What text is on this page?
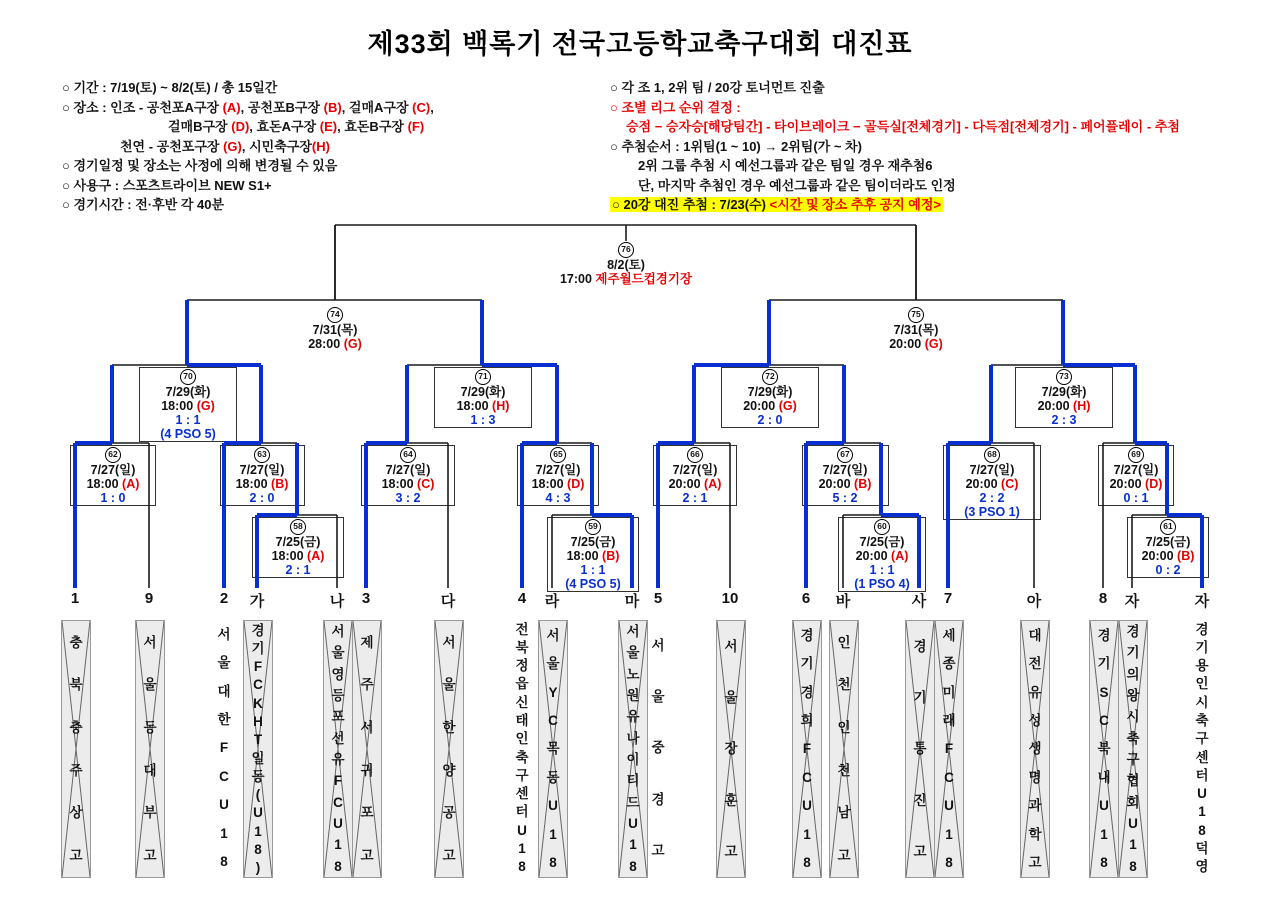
제33회 백록기 전국고등학교축구대회 대진표
○ 기간 : 7/19(토) ~ 8/2(토) / 총 15일간
○ 장소 : 인조 - 공천포A구장 (A), 공천포B구장 (B), 걸매A구장 (C),
걸매B구장 (D), 효돈A구장 (E), 효돈B구장 (F)
천연 - 공천포구장 (G), 시민축구장(H)
○ 경기일정 및 장소는 사정에 의해 변경될 수 있음
○ 사용구 : 스포츠트라이브 NEW S1+
○ 경기시간 : 전·후반 각 40분
○ 각 조 1, 2위 팀 / 20강 토너먼트 진출
○ 조별 리그 순위 결정 :
승점 − 승자승[해당팀간] - 타이브레이크 − 골득실[전체경기] - 다득점[전체경기] - 페어플레이 - 추첨
○ 추첨순서 : 1위팀(1 ~ 10) → 2위팀(가 ~ 차)
2위 그룹 추첨 시 예선그룹과 같은 팀일 경우 재추첨6
단, 마지막 추첨인 경우 예선그룹과 같은 팀이더라도 인정
○ 20강 대진 추첨 : 7/23(수) <시간 및 장소 추후 공지 예정>
58
7/25(금)
18:00 (A)
2 : 1
59
7/25(금)
18:00 (B)
1 : 1
(4 PSO 5)
60
7/25(금)
20:00 (A)
1 : 1
(1 PSO 4)
61
7/25(금)
20:00 (B)
0 : 2
62
7/27(일)
18:00 (A)
1 : 0
63
7/27(일)
18:00 (B)
2 : 0
64
7/27(일)
18:00 (C)
3 : 2
65
7/27(일)
18:00 (D)
4 : 3
66
7/27(일)
20:00 (A)
2 : 1
67
7/27(일)
20:00 (B)
5 : 2
68
7/27(일)
20:00 (C)
2 : 2
(3 PSO 1)
69
7/27(일)
20:00 (D)
0 : 1
70
7/29(화)
18:00 (G)
1 : 1
(4 PSO 5)
71
7/29(화)
18:00 (H)
1 : 3
72
7/29(화)
20:00 (G)
2 : 0
73
7/29(화)
20:00 (H)
2 : 3
74
7/31(목)
28:00 (G)
75
7/31(목)
20:00 (G)
76
8/2(토)
17:00 제주월드컵경기장
1	9	2	가	나	3	다	4	라	마 5	10	6	바	사	7	아	8	자	자
충
북
충
주
상
고
서
울
동
대
부
고
서
울
대
한
F
C
U
1
8
경
기
F
C
K
H
T
일
동
(
U
1
8
)
서
울
영
등
포
선
유
F
C
U
1
8
제
주
서
귀
포
고
서
울
한
양
공
고
전
북
정
읍
신
태
인
축
구
센
터
U
1
8
서
울
Y
C
목
동
U
1
8
서
울
노
원
유
나
이
티
드
U
1
8
서
울
중
경
고
서
울
장
훈
고
경
기
경
희
F
C
U
1
8
인
천
인
천
남
고
경
기
통
진
고
세
종
미
래
F
C
U
1
8
대
전
유
성
생
명
과
학
고
경
기
S
C
북
내
U
1
8
경
기
의
왕
시
축
구
협
회
U
1
8
경
기
용
인
시
축
구
센
터
U
1
8
덕
영
